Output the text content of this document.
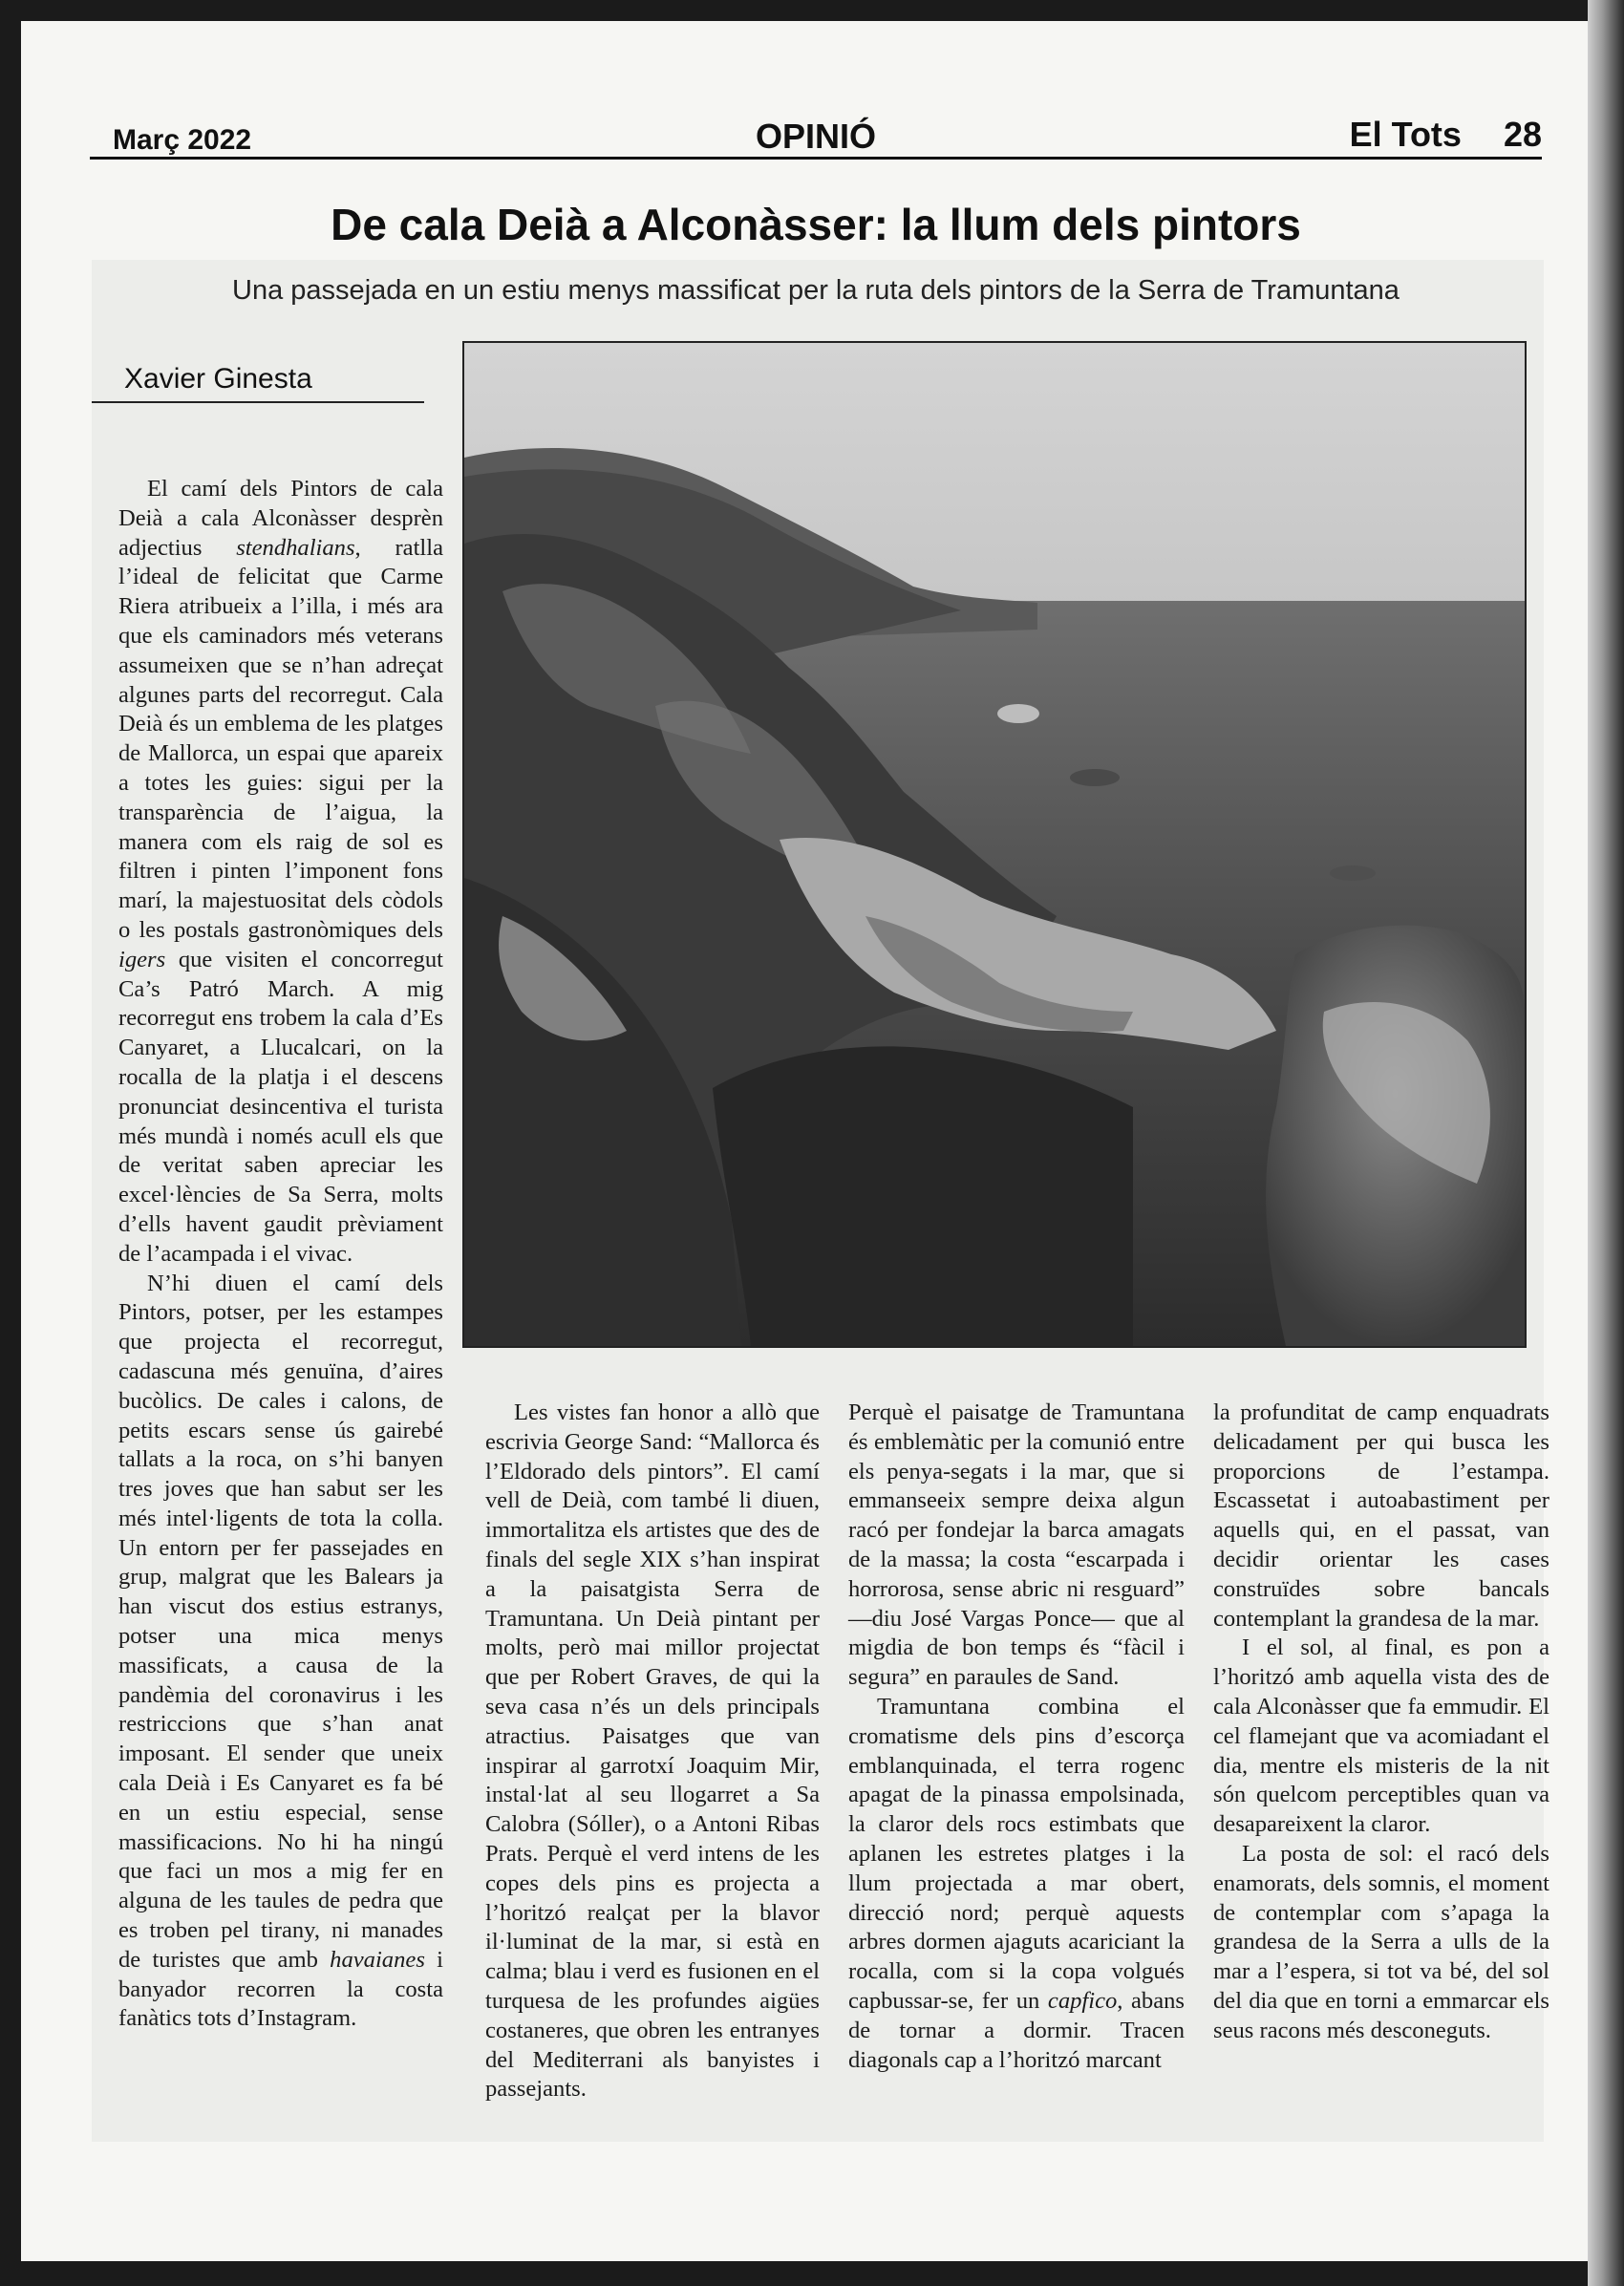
Març 2022	OPINIÓ	El Tots 28
De cala Deià a Alconàsser: la llum dels pintors
Una passejada en un estiu menys massificat per la ruta dels pintors de la Serra de Tramuntana
Xavier Ginesta

El camí dels Pintors de cala Deià a cala Alconàsser desprèn adjectius stendhalians, ratlla l’ideal de felicitat que Carme Riera atribueix a l’illa, i més ara que els caminadors més veterans assumeixen que se n’han adreçat algunes parts del recorregut. Cala Deià és un emblema de les platges de Mallorca, un espai que apareix a totes les guies: sigui per la transparència de l’aigua, la manera com els raig de sol es filtren i pinten l’imponent fons marí, la majestuositat dels còdols o les postals gastronòmiques dels igers que visiten el concorregut Ca’s Patró March. A mig recorregut ens trobem la cala d’Es Canyaret, a Llucalcari, on la rocalla de la platja i el descens pronunciat desincentiva el turista més mundà i només acull els que de veritat saben apreciar les excel·lències de Sa Serra, molts d’ells havent gaudit prèviament de l’acampada i el vivac.

N’hi diuen el camí dels Pintors, potser, per les estampes que projecta el recorregut, cadascuna més genuïna, d’aires bucòlics. De cales i calons, de petits escars sense ús gairebé tallats a la roca, on s’hi banyen tres joves que han sabut ser les més intel·ligents de tota la colla. Un entorn per fer passejades en grup, malgrat que les Balears ja han viscut dos estius estranys, potser una mica menys massificats, a causa de la pandèmia del coronavirus i les restriccions que s’han anat imposant. El sender que uneix cala Deià i Es Canyaret es fa bé en un estiu especial, sense massificacions. No hi ha ningú que faci un mos a mig fer en alguna de les taules de pedra que es troben pel tirany, ni manades de turistes que amb havaianes i banyador recorren la costa fanàtics tots d’Instagram.

Les vistes fan honor a allò que escrivia George Sand: “Mallorca és l’Eldorado dels pintors”. El camí vell de Deià, com també li diuen, immortalitza els artistes que des de finals del segle XIX s’han inspirat a la paisatgista Serra de Tramuntana. Un Deià pintant per molts, però mai millor projectat que per Robert Graves, de qui la seva casa n’és un dels principals atractius. Paisatges que van inspirar al garrotxí Joaquim Mir, instal·lat al seu llogarret a Sa Calobra (Sóller), o a Antoni Ribas Prats. Perquè el verd intens de les copes dels pins es projecta a l’horitzó realçat per la blavor il·luminat de la mar, si està en calma; blau i verd es fusionen en el turquesa de les profundes aigües costaneres, que obren les entranyes del Mediterrani als banyistes i passejants.

Perquè el paisatge de Tramuntana és emblemàtic per la comunió entre els penya-segats i la mar, que si emmanseeix sempre deixa algun racó per fondejar la barca amagats de la massa; la costa “escarpada i horrorosa, sense abric ni resguard” —diu José Vargas Ponce— que al migdia de bon temps és “fàcil i segura” en paraules de Sand.

Tramuntana combina el cromatisme dels pins d’escorça emblanquinada, el terra rogenc apagat de la pinassa empolsinada, la claror dels rocs estimbats que aplanen les estretes platges i la llum projectada a mar obert, direcció nord; perquè aquests arbres dormen ajaguts acariciant la rocalla, com si la copa volgués capbussar-se, fer un capfico, abans de tornar a dormir. Tracen diagonals cap a l’horitzó marcant

la profunditat de camp enquadrats delicadament per qui busca les proporcions de l’estampa. Escassetat i autoabastiment per aquells qui, en el passat, van decidir orientar les cases construïdes sobre bancals contemplant la grandesa de la mar.

I el sol, al final, es pon a l’horitzó amb aquella vista des de cala Alconàsser que fa emmudir. El cel flamejant que va acomiadant el dia, mentre els misteris de la nit són quelcom perceptibles quan va desapareixent la claror.

La posta de sol: el racó dels enamorats, dels somnis, el moment de contemplar com s’apaga la grandesa de la Serra a ulls de la mar a l’espera, si tot va bé, del sol del dia que en torni a emmarcar els seus racons més desconeguts.
